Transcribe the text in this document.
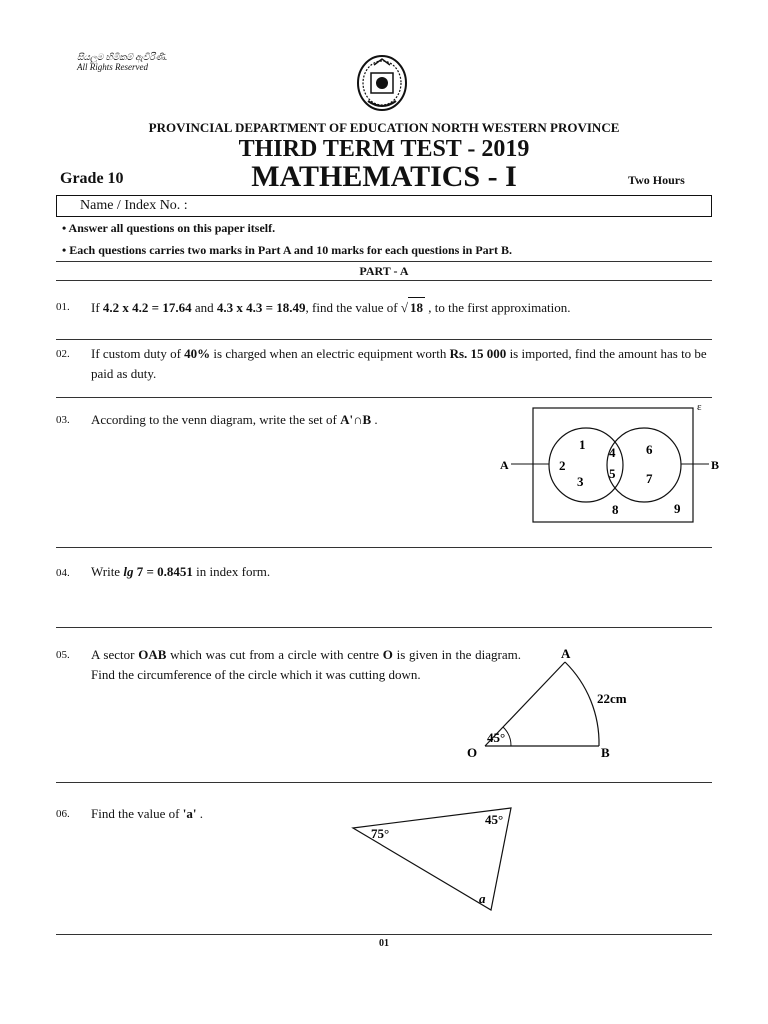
සියලුම හිමිකම් ඇවිරිණි.
All Rights Reserved
PROVINCIAL DEPARTMENT OF EDUCATION NORTH WESTERN PROVINCE
THIRD TERM TEST - 2019
Grade 10	MATHEMATICS - I	Two Hours
Name / Index No. :
• Answer all questions on this paper itself.
• Each questions carries two marks in Part A and 10 marks for each questions in Part B.
PART - A
01. If 4.2 x 4.2 = 17.64 and 4.3 x 4.3 = 18.49, find the value of √ 18 , to the first approximation.
02. If custom duty of 40% is charged when an electric equipment worth Rs. 15 000 is imported, find the amount has to be paid as duty.
03. According to the venn diagram, write the set of A'∩B .
ε
A	B
1
2
3
4
5
6
7
8	9
04. Write lg 7 = 0.8451 in index form.
05. A sector OAB which was cut from a circle with centre O is given in the diagram. Find the circumference of the circle which it was cutting down.
A
O	B
22cm
45°
06. Find the value of 'a' .
75°
45°
a
01
